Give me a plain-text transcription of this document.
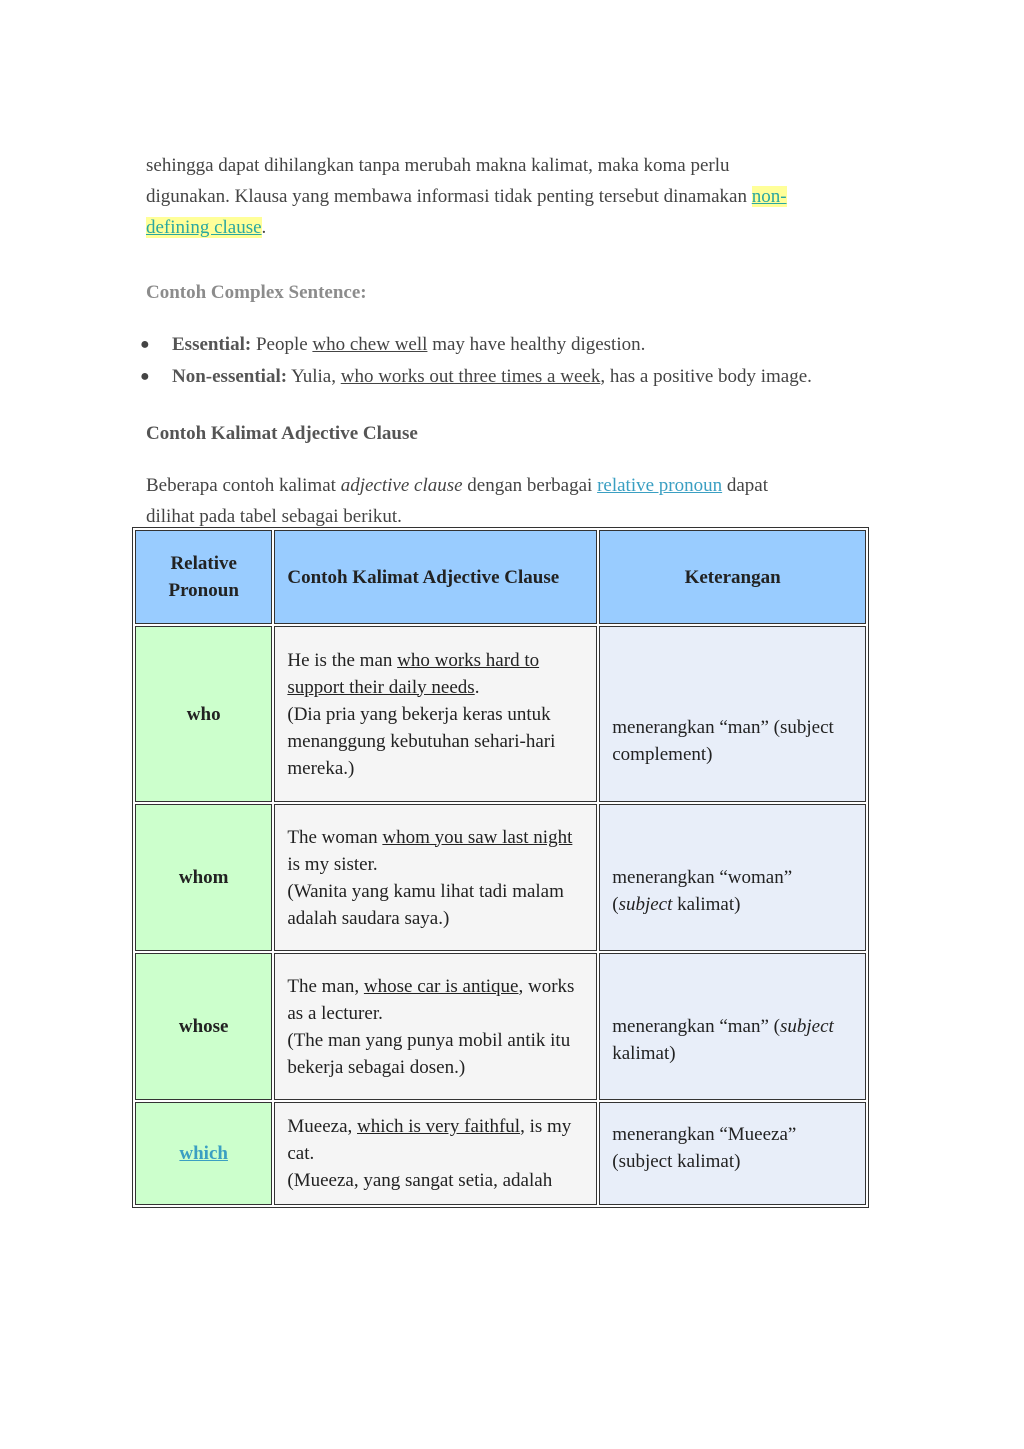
sehingga dapat dihilangkan tanpa merubah makna kalimat, maka koma perlu
digunakan. Klausa yang membawa informasi tidak penting tersebut dinamakan non-
defining clause.
Contoh Complex Sentence:
● Essential: People who chew well may have healthy digestion.
● Non-essential: Yulia, who works out three times a week, has a positive body image.
Contoh Kalimat Adjective Clause
Beberapa contoh kalimat adjective clause dengan berbagai relative pronoun dapat
dilihat pada tabel sebagai berikut.
Relative Pronoun	Contoh Kalimat Adjective Clause	Keterangan
who	He is the man who works hard to support their daily needs.
(Dia pria yang bekerja keras untuk menanggung kebutuhan sehari-hari mereka.)	menerangkan “man” (subject complement)
whom	The woman whom you saw last night is my sister.
(Wanita yang kamu lihat tadi malam adalah saudara saya.)	menerangkan “woman” (subject kalimat)
whose	The man, whose car is antique, works as a lecturer.
(The man yang punya mobil antik itu bekerja sebagai dosen.)	menerangkan “man” (subject kalimat)
which	Mueeza, which is very faithful, is my cat.
(Mueeza, yang sangat setia, adalah	menerangkan “Mueeza” (subject kalimat)
